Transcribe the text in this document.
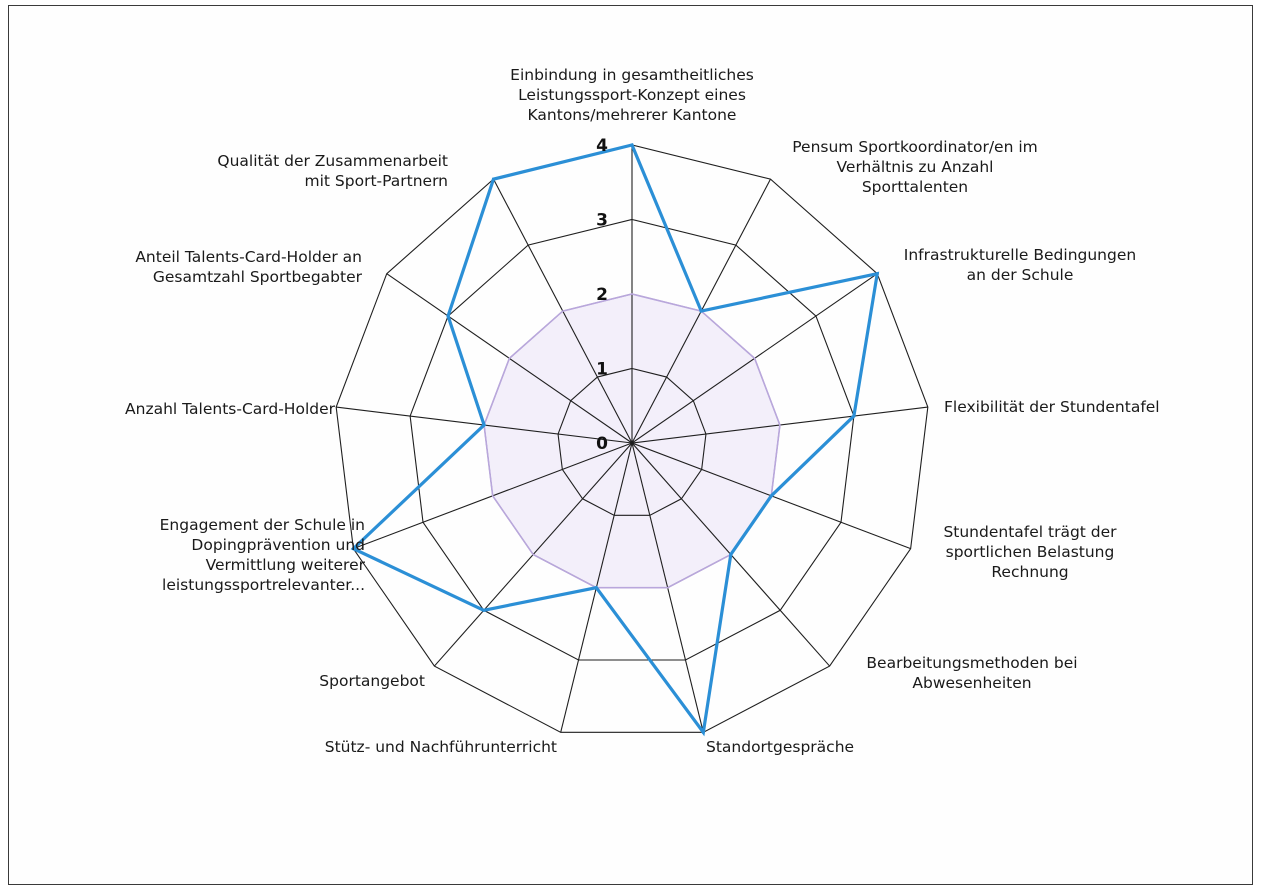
0
1
2
3
4
Einbindung in gesamtheitliches Leistungssport-Konzept eines Kantons/mehrerer Kantone
Pensum Sportkoordinator/en im Verhältnis zu Anzahl Sporttalenten
Infrastrukturelle Bedingungen an der Schule
Flexibilität der Stundentafel
Stundentafel trägt der sportlichen Belastung Rechnung
Bearbeitungsmethoden bei Abwesenheiten
Standortgespräche
Stütz- und Nachführunterricht
Sportangebot
Engagement der Schule in Dopingprävention und Vermittlung weiterer leistungssportrelevanter...
Anzahl Talents-Card-Holder
Anteil Talents-Card-Holder an Gesamtzahl Sportbegabter
Qualität der Zusammenarbeit mit Sport-Partnern
